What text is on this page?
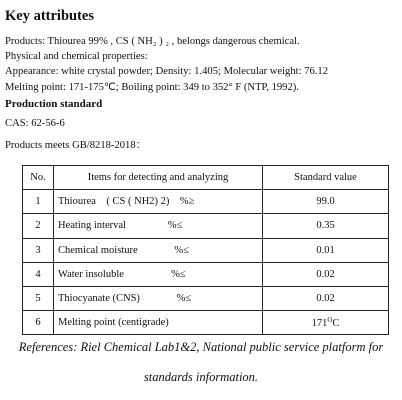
Key attributes
Products: Thiourea 99% , CS ( NH₂ ) ₂ , belongs dangerous chemical.
Physical and chemical properties:
Appearance: white crystal powder; Density: 1.405; Molecular weight: 76.12
Melting point: 171-175℃; Boiling point: 349 to 352° F (NTP, 1992).
Production standard
CAS: 62-56-6
Products meets GB/8218-2018：
No.	Items for detecting and analyzing	Standard value
1	Thiourea    ( CS ( NH2) 2)    %≥	99.0
2	Heating interval                %≤	0.35
3	Chemical moisture              %≤	0.01
4	Water insoluble                  %≤	0.02
5	Thiocyanate (CNS)              %≤	0.02
6	Melting point (centigrade)	$171^OC$
References: Riel Chemical Lab1&2, National public service platform for
standards information.
